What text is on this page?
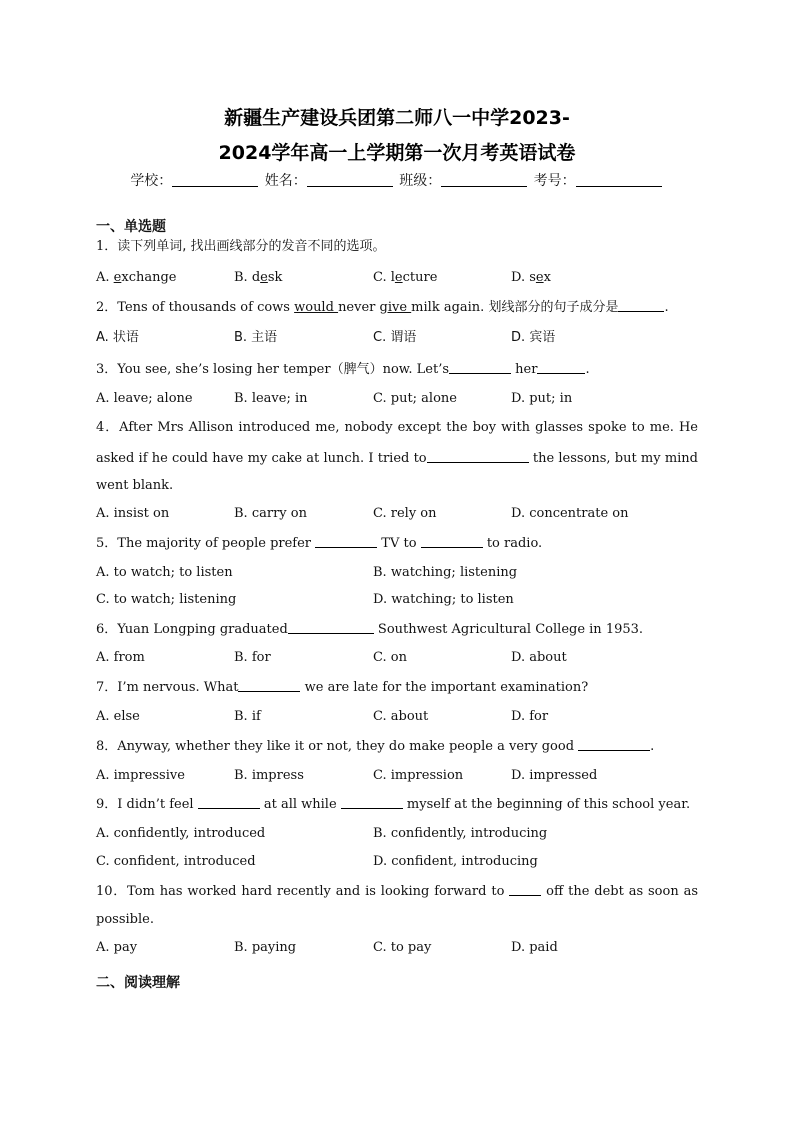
新疆生产建设兵团第二师八一中学2023-
2024学年高一上学期第一次月考英语试卷
学校：	姓名：	班级：	考号：
一、单选题
1．读下列单词, 找出画线部分的发音不同的选项。
A. exchange	B. desk	C. lecture	D. sex
2．Tens of thousands of cows would never give milk again. 划线部分的句子成分是	.
A. 状语	B. 主语	C. 谓语	D. 宾语
3．You see, she’s losing her temper（脾气）now. Let’s	her	.
A. leave; alone	B. leave; in	C. put; alone	D. put; in
4．After Mrs Allison introduced me, nobody except the boy with glasses spoke to me. He
asked if he could have my cake at lunch. I tried to	the lessons, but my mind
went blank.
A. insist on	B. carry on	C. rely on	D. concentrate on
5．The majority of people prefer	TV to	to radio.
A. to watch; to listen	B. watching; listening
C. to watch; listening	D. watching; to listen
6．Yuan Longping graduated	Southwest Agricultural College in 1953.
A. from	B. for	C. on	D. about
7．I’m nervous. What	we are late for the important examination?
A. else	B. if	C. about	D. for
8．Anyway, whether they like it or not, they do make people a very good	.
A. impressive	B. impress	C. impression	D. impressed
9．I didn’t feel	at all while	myself at the beginning of this school year.
A. confidently, introduced	B. confidently, introducing
C. confident, introduced	D. confident, introducing
10．Tom has worked hard recently and is looking forward to  off the debt as soon as
possible.
A. pay	B. paying	C. to pay	D. paid
二、阅读理解
